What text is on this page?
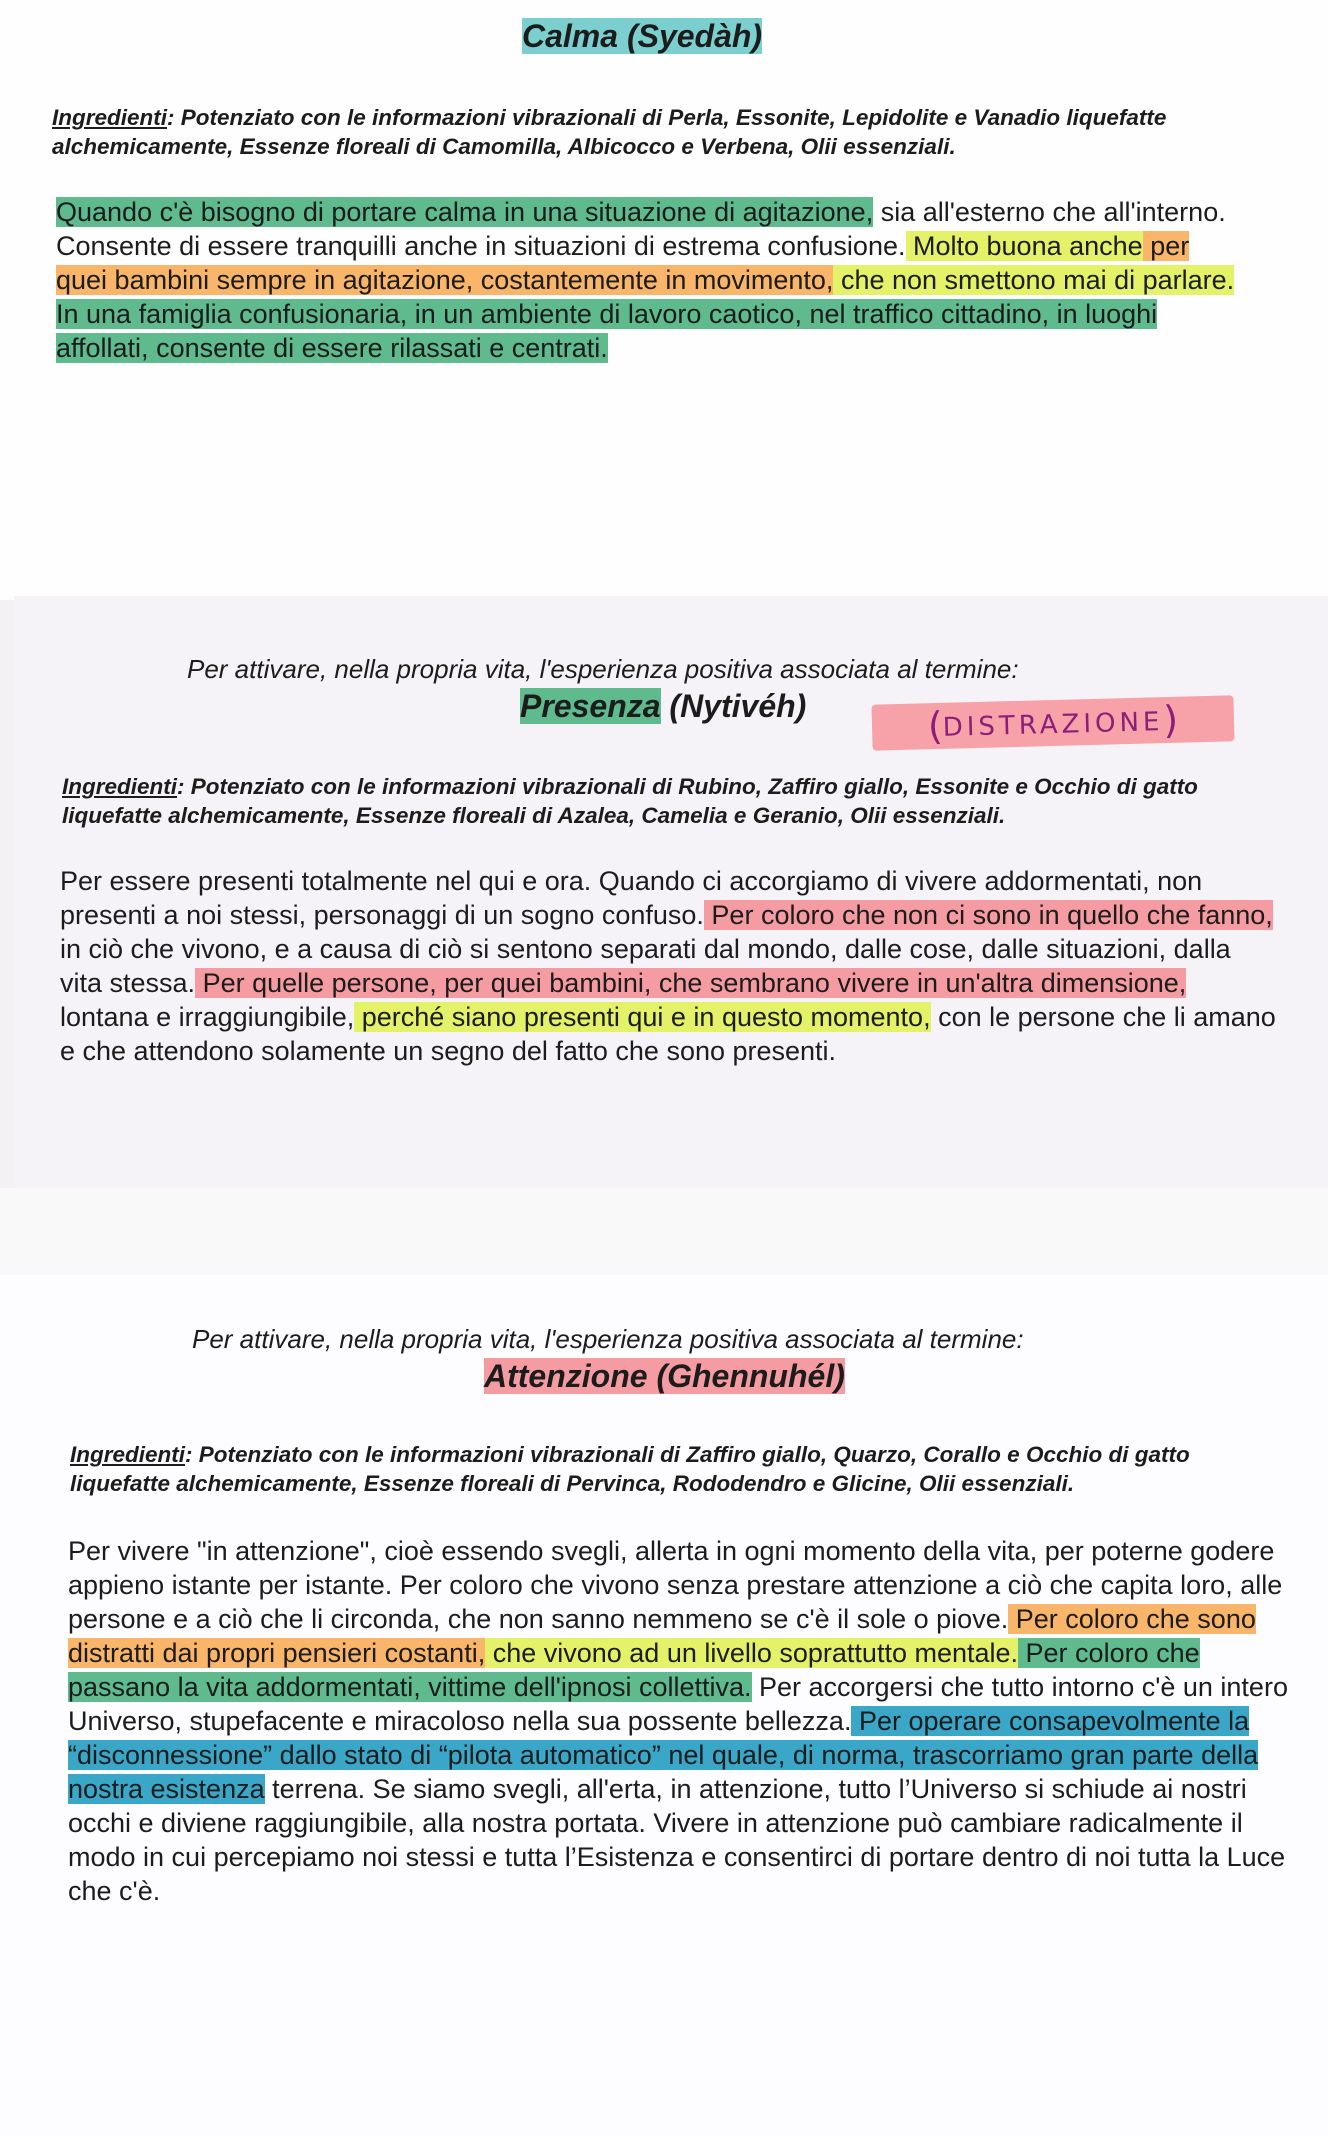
Calma (Syedàh)
Ingredienti: Potenziato con le informazioni vibrazionali di Perla, Essonite, Lepidolite e Vanadio liquefatte alchemicamente, Essenze floreali di Camomilla, Albicocco e Verbena, Olii essenziali.
Quando c'è bisogno di portare calma in una situazione di agitazione, sia all'esterno che all'interno. Consente di essere tranquilli anche in situazioni di estrema confusione. Molto buona anche per quei bambini sempre in agitazione, costantemente in movimento, che non smettono mai di parlare. In una famiglia confusionaria, in un ambiente di lavoro caotico, nel traffico cittadino, in luoghi affollati, consente di essere rilassati e centrati.
Per attivare, nella propria vita, l'esperienza positiva associata al termine:
Presenza (Nytivéh)	(DISTRAZIONE)
Ingredienti: Potenziato con le informazioni vibrazionali di Rubino, Zaffiro giallo, Essonite e Occhio di gatto liquefatte alchemicamente, Essenze floreali di Azalea, Camelia e Geranio, Olii essenziali.
Per essere presenti totalmente nel qui e ora. Quando ci accorgiamo di vivere addormentati, non presenti a noi stessi, personaggi di un sogno confuso. Per coloro che non ci sono in quello che fanno, in ciò che vivono, e a causa di ciò si sentono separati dal mondo, dalle cose, dalle situazioni, dalla vita stessa. Per quelle persone, per quei bambini, che sembrano vivere in un'altra dimensione, lontana e irraggiungibile, perché siano presenti qui e in questo momento, con le persone che li amano e che attendono solamente un segno del fatto che sono presenti.
Per attivare, nella propria vita, l'esperienza positiva associata al termine:
Attenzione (Ghennuhél)
Ingredienti: Potenziato con le informazioni vibrazionali di Zaffiro giallo, Quarzo, Corallo e Occhio di gatto liquefatte alchemicamente, Essenze floreali di Pervinca, Rododendro e Glicine, Olii essenziali.
Per vivere "in attenzione", cioè essendo svegli, allerta in ogni momento della vita, per poterne godere appieno istante per istante. Per coloro che vivono senza prestare attenzione a ciò che capita loro, alle persone e a ciò che li circonda, che non sanno nemmeno se c'è il sole o piove. Per coloro che sono distratti dai propri pensieri costanti, che vivono ad un livello soprattutto mentale. Per coloro che passano la vita addormentati, vittime dell'ipnosi collettiva. Per accorgersi che tutto intorno c'è un intero Universo, stupefacente e miracoloso nella sua possente bellezza. Per operare consapevolmente la “disconnessione” dallo stato di “pilota automatico” nel quale, di norma, trascorriamo gran parte della nostra esistenza terrena. Se siamo svegli, all'erta, in attenzione, tutto l’Universo si schiude ai nostri occhi e diviene raggiungibile, alla nostra portata. Vivere in attenzione può cambiare radicalmente il modo in cui percepiamo noi stessi e tutta l’Esistenza e consentirci di portare dentro di noi tutta la Luce che c'è.
